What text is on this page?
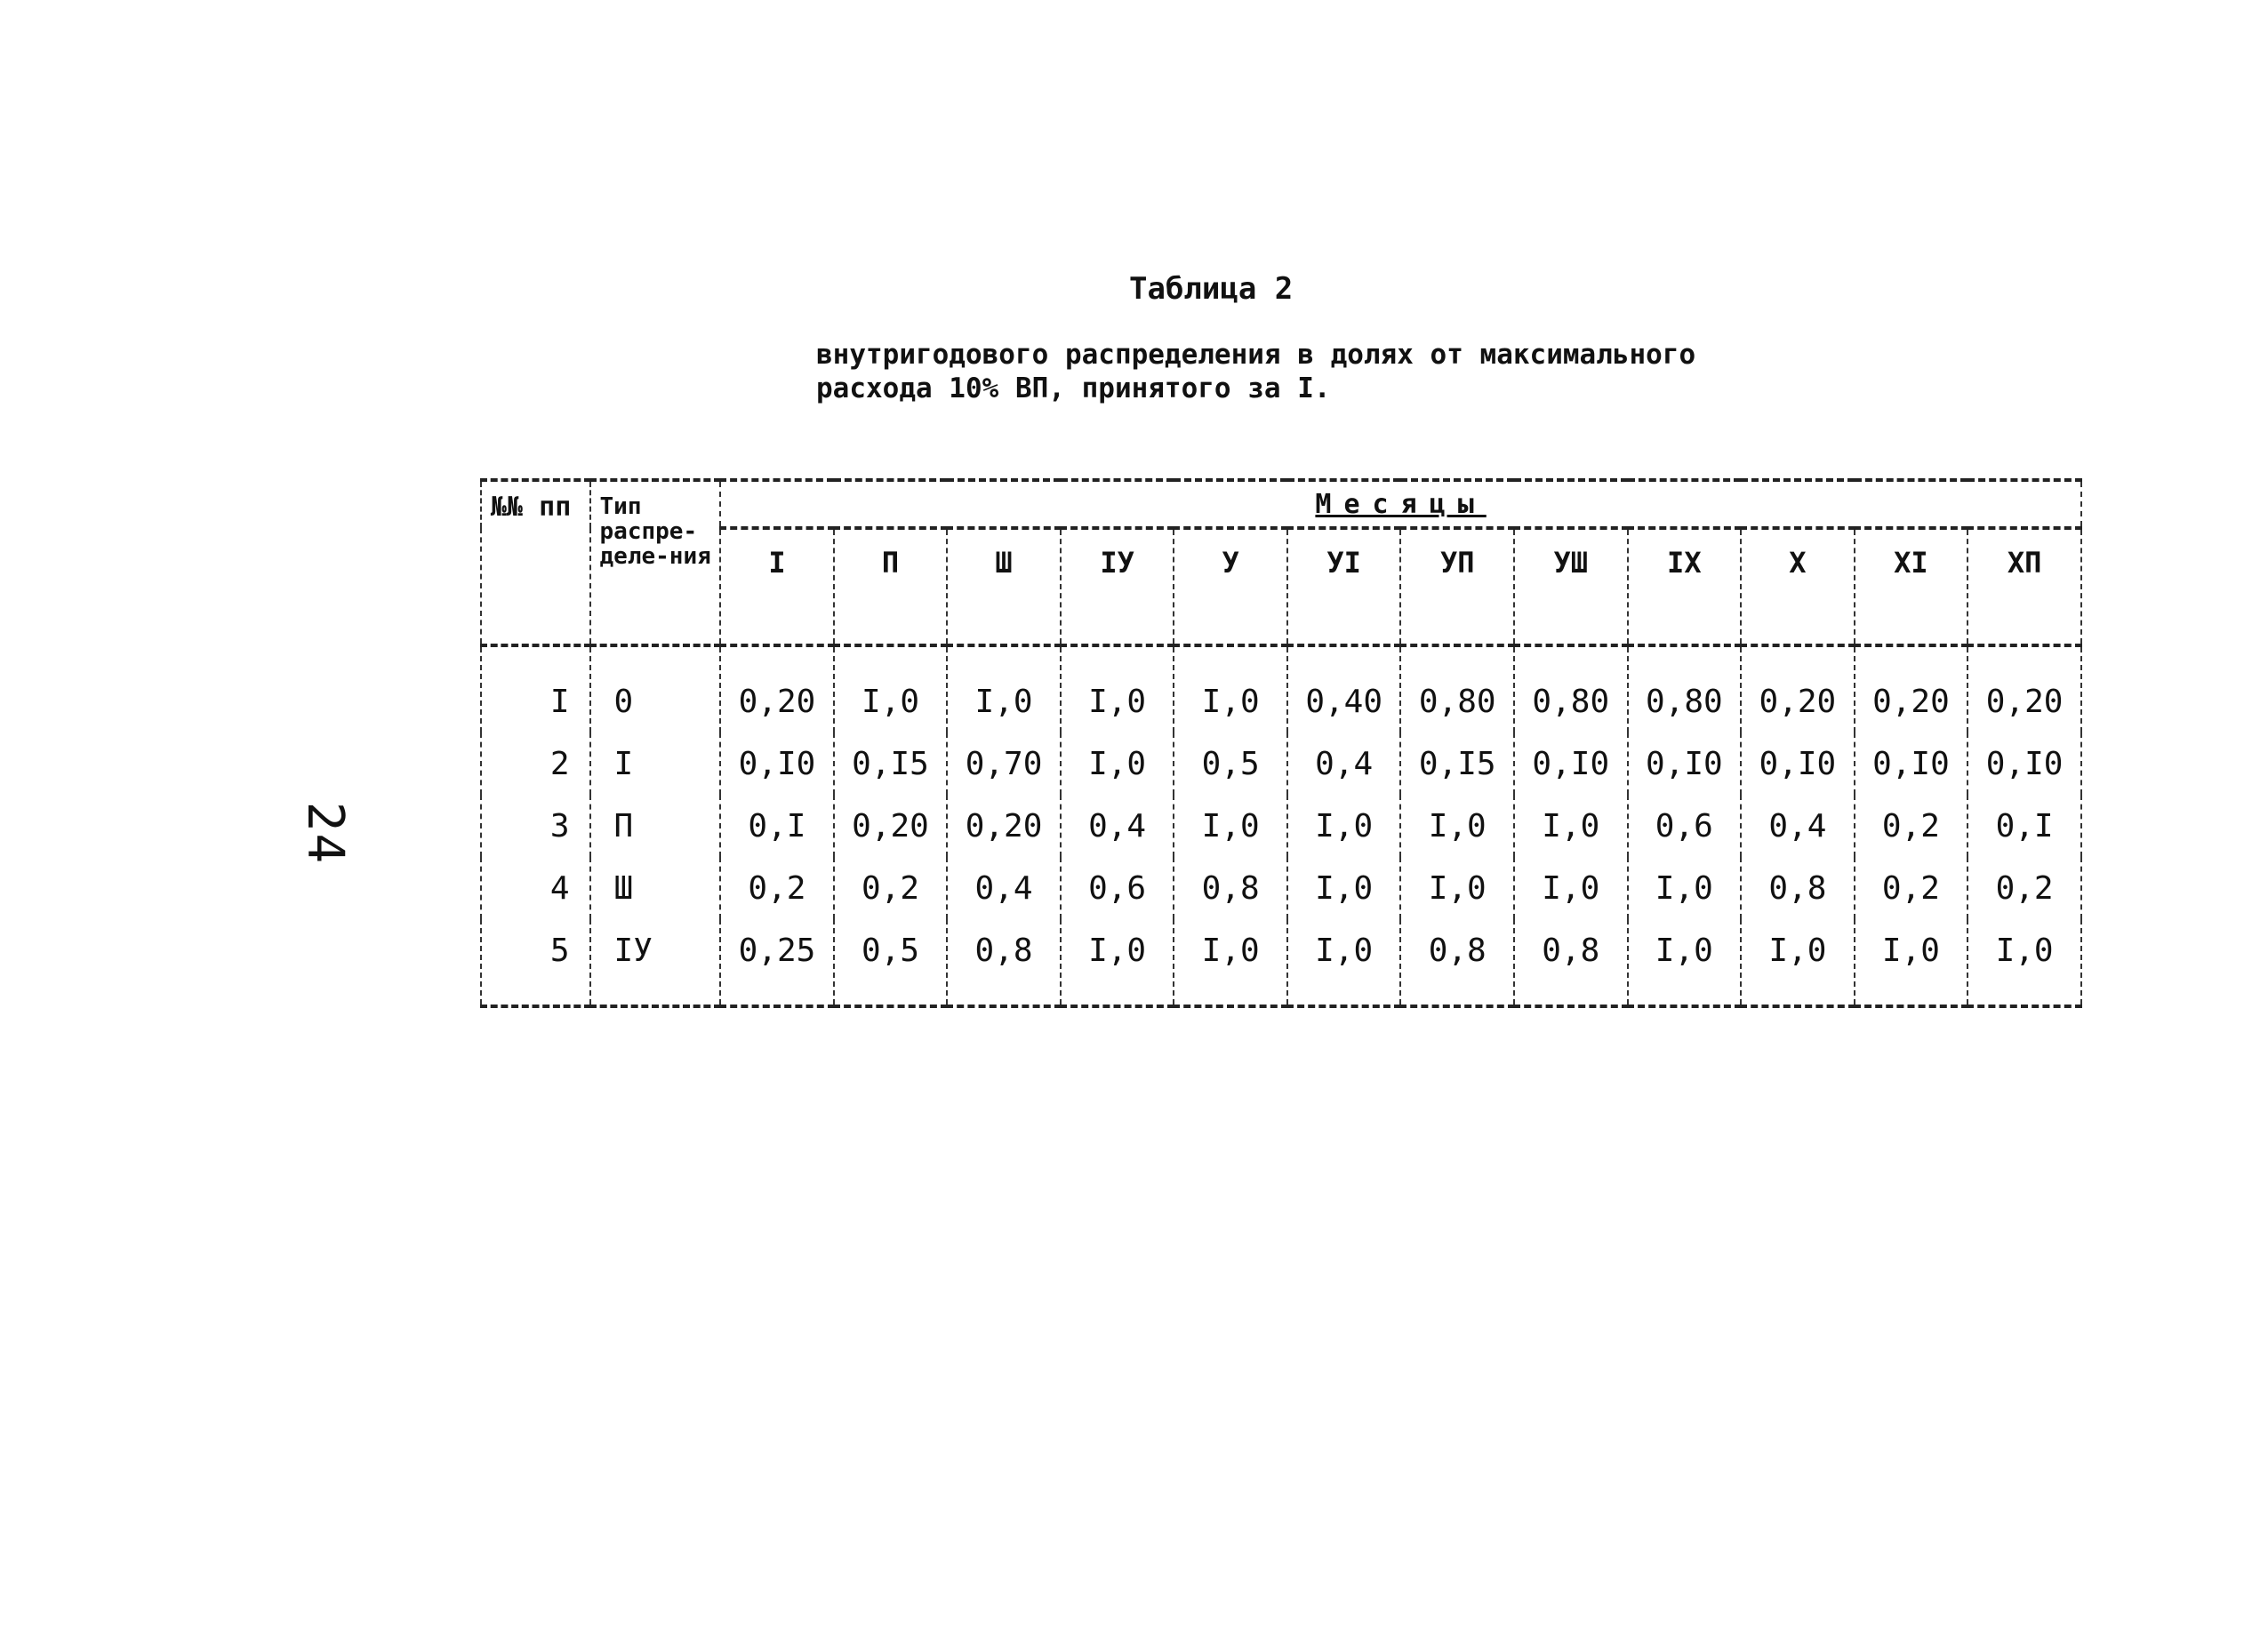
24
Таблица 2
внутригодового распределения в долях от максимального
расхода 10% ВП, принятого за I.
№№ пп	Тип распре-деле-ния	Месяцы											
		I	П	Ш	IУ	У	УI	УП	УШ	IX	X	XI	XП
I	0	0,20	I,0	I,0	I,0	I,0	0,40	0,80	0,80	0,80	0,20	0,20	0,20
2	I	0,I0	0,I5	0,70	I,0	0,5	0,4	0,I5	0,I0	0,I0	0,I0	0,I0	0,I0
3	П	0,I	0,20	0,20	0,4	I,0	I,0	I,0	I,0	0,6	0,4	0,2	0,I
4	Ш	0,2	0,2	0,4	0,6	0,8	I,0	I,0	I,0	I,0	0,8	0,2	0,2
5	IУ	0,25	0,5	0,8	I,0	I,0	I,0	0,8	0,8	I,0	I,0	I,0	I,0
